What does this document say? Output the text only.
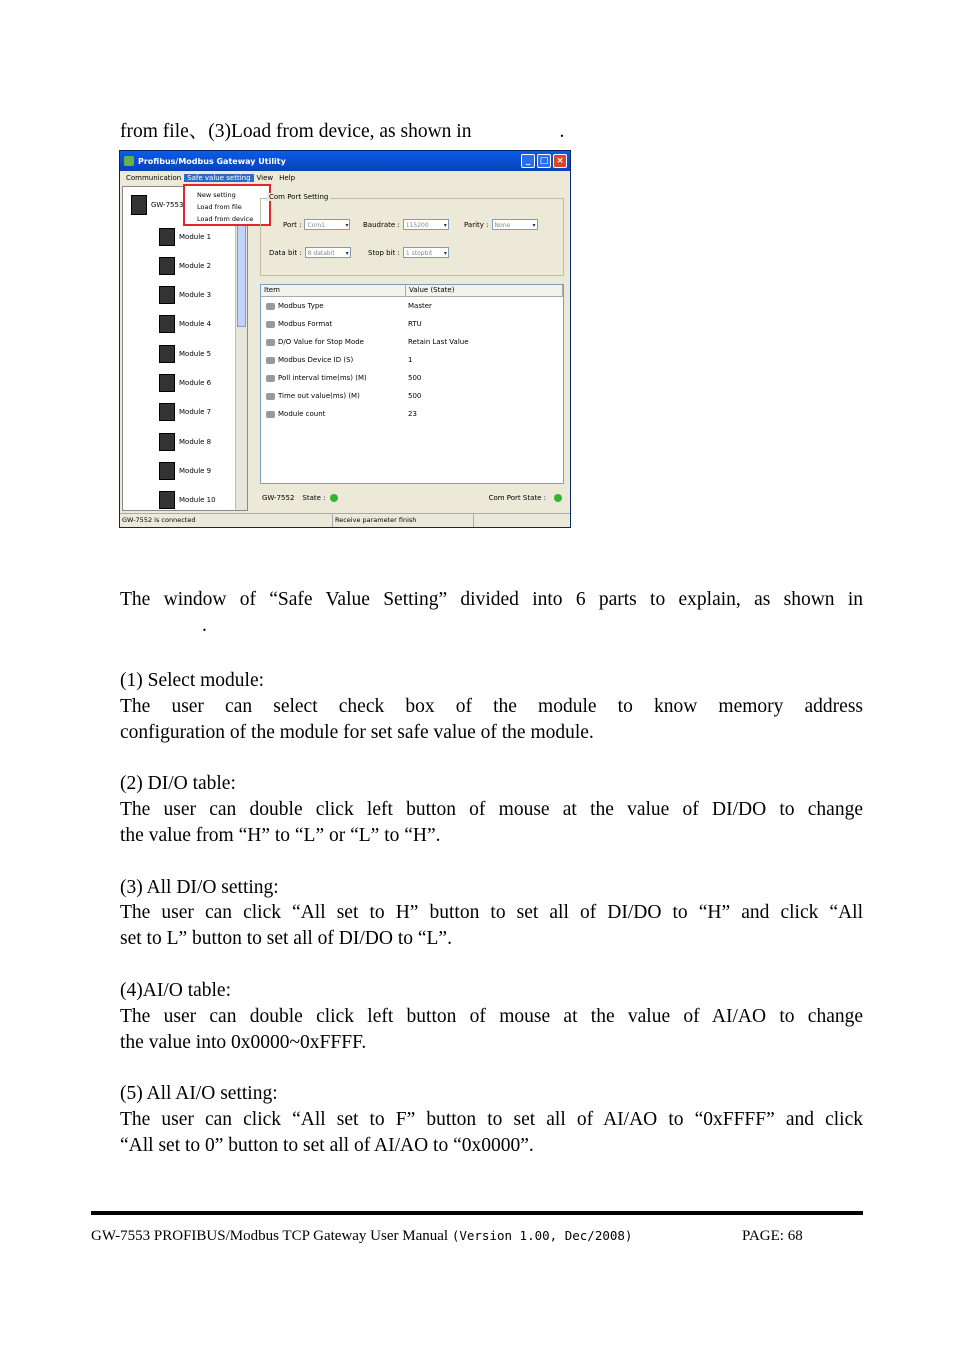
from file、(3)Load from device, as shown in	.

Profibus/Modbus Gateway Utility	_	□ ×
Communication Safe value setting View Help
GW-7553
Module 1
Module 2
Module 3
Module 4
Module 5
Module 6
Module 7
Module 8
Module 9
Module 10
New setting
Load from file
Load from device
Com Port Setting
Port :	Com1 ▾	Baudrate :	115200 ▾	Parity :	None ▾
Data bit :	8 databit ▾	Stop bit :	1 stopbit ▾
Item	Value (State)
Modbus Type	Master
Modbus Format	RTU
D/O Value for Stop Mode	Retain Last Value
Modbus Device ID (S)	1
Poll interval time(ms) (M)	500
Time out value(ms) (M)	500
Module count	23
GW-7552 State :	Com Port State :
GW-7552 is connected	Receive parameter finish

The window of “Safe Value Setting” divided into 6 parts to explain, as shown in

.

(1) Select module:

The user can select check box of the module to know memory address

configuration of the module for set safe value of the module.

(2) DI/O table:

The user can double click left button of mouse at the value of DI/DO to change

the value from “H” to “L” or “L” to “H”.

(3) All DI/O setting:

The user can click “All set to H” button to set all of DI/DO to “H” and click “All

set to L” button to set all of DI/DO to “L”.

(4)AI/O table:

The user can double click left button of mouse at the value of AI/AO to change

the value into 0x0000~0xFFFF.

(5) All AI/O setting:

The user can click “All set to F” button to set all of AI/AO to “0xFFFF” and click

“All set to 0” button to set all of AI/AO to “0x0000”.

GW-7553 PROFIBUS/Modbus TCP Gateway User Manual (Version 1.00, Dec/2008)	PAGE: 68
